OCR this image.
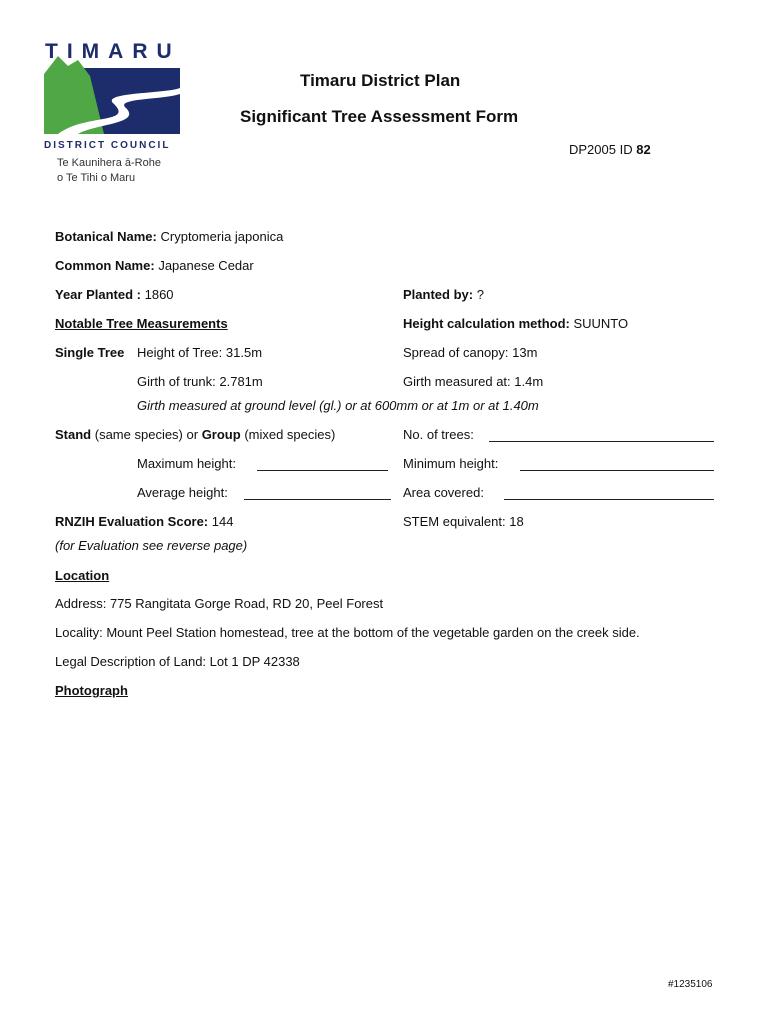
TIMARU
DISTRICT COUNCIL
Te Kaunihera ā-Rohe
o Te Tihi o Maru
Timaru District Plan
Significant Tree Assessment Form
DP2005 ID 82
Botanical Name: Cryptomeria japonica
Common Name: Japanese Cedar
Year Planted : 1860	Planted by: ?
Notable Tree Measurements	Height calculation method: SUUNTO
Single Tree Height of Tree: 31.5m	Spread of canopy: 13m
Girth of trunk: 2.781m	Girth measured at: 1.4m
Girth measured at ground level (gl.) or at 600mm or at 1m or at 1.40m
Stand (same species) or Group (mixed species)	No. of trees:
Maximum height:	Minimum height:
Average height:	Area covered:
RNZIH Evaluation Score: 144	STEM equivalent: 18
(for Evaluation see reverse page)
Location
Address: 775 Rangitata Gorge Road, RD 20, Peel Forest
Locality: Mount Peel Station homestead, tree at the bottom of the vegetable garden on the creek side.
Legal Description of Land: Lot 1 DP 42338
Photograph
#1235106
